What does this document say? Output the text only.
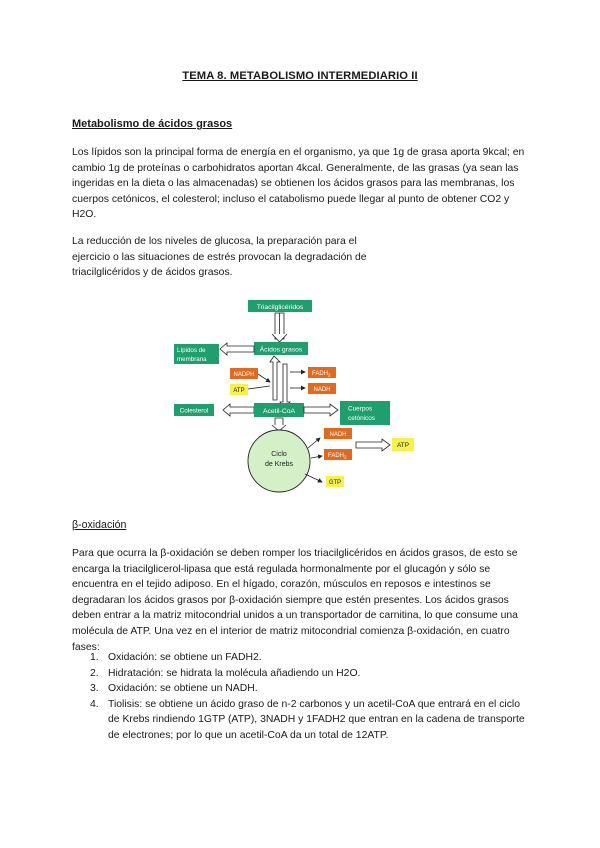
TEMA 8. METABOLISMO INTERMEDIARIO II
Metabolismo de ácidos grasos

Los lípidos son la principal forma de energía en el organismo, ya que 1g de grasa aporta 9kcal; en cambio 1g de proteínas o carbohidratos aportan 4kcal. Generalmente, de las grasas (ya sean las ingeridas en la dieta o las almacenadas) se obtienen los ácidos grasos para las membranas, los cuerpos cetónicos, el colesterol; incluso el catabolismo puede llegar al punto de obtener CO2 y H2O.

La reducción de los niveles de glucosa, la preparación para el ejercicio o las situaciones de estrés provocan la degradación de triacilglicéridos y de ácidos grasos.

Triacilglicéridos
Ácidos grasos
Lípidos de
membrana
NADPH
ATP
$FADH_2$
NADH
Colesterol	Acetil-CoA	Cuerpos
cetónicos
Ciclo
de Krebs
NADH
$FADH_2$
GTP
ATP
β-oxidación

Para que ocurra la β-oxidación se deben romper los triacilglicéridos en ácidos grasos, de esto se encarga la triacilglicerol-lipasa que está regulada hormonalmente por el glucagón y sólo se encuentra en el tejido adiposo. En el hígado, corazón, músculos en reposos e intestinos se degradaran los ácidos grasos por β-oxidación siempre que estén presentes. Los ácidos grasos deben entrar a la matriz mitocondrial unidos a un transportador de carnitina, lo que consume una molécula de ATP. Una vez en el interior de matriz mitocondrial comienza β-oxidación, en cuatro fases:

1. Oxidación: se obtiene un FADH2.
2. Hidratación: se hidrata la molécula añadiendo un H2O.
3. Oxidación: se obtiene un NADH.
4. Tiolisis: se obtiene un ácido graso de n-2 carbonos y un acetil-CoA que entrará en el ciclo de Krebs rindiendo 1GTP (ATP), 3NADH y 1FADH2 que entran en la cadena de transporte de electrones; por lo que un acetil-CoA da un total de 12ATP.
